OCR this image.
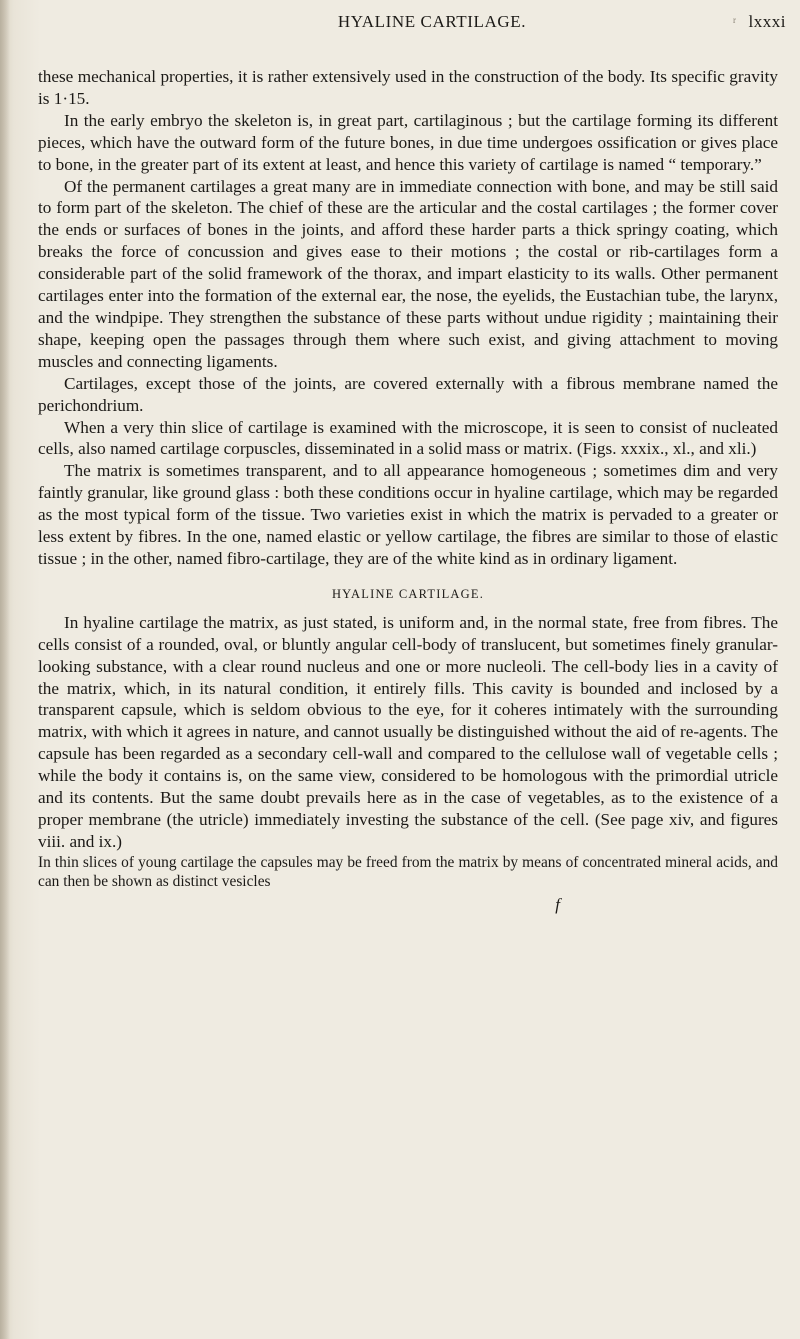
r
HYALINE CARTILAGE.	lxxxi

these mechanical properties, it is rather extensively used in the construction of the body. Its specific gravity is 1·15.

In the early embryo the skeleton is, in great part, cartilaginous ; but the cartilage forming its different pieces, which have the outward form of the future bones, in due time undergoes ossification or gives place to bone, in the greater part of its extent at least, and hence this variety of cartilage is named “ temporary.”

Of the permanent cartilages a great many are in immediate connection with bone, and may be still said to form part of the skeleton. The chief of these are the articular and the costal cartilages ; the former cover the ends or surfaces of bones in the joints, and afford these harder parts a thick springy coating, which breaks the force of concussion and gives ease to their motions ; the costal or rib-cartilages form a considerable part of the solid framework of the thorax, and impart elasticity to its walls. Other permanent cartilages enter into the formation of the external ear, the nose, the eyelids, the Eustachian tube, the larynx, and the windpipe. They strengthen the substance of these parts without undue rigidity ; maintaining their shape, keeping open the passages through them where such exist, and giving attachment to moving muscles and connecting ligaments.

Cartilages, except those of the joints, are covered externally with a fibrous membrane named the perichondrium.

When a very thin slice of cartilage is examined with the microscope, it is seen to consist of nucleated cells, also named cartilage corpuscles, disseminated in a solid mass or matrix. (Figs. xxxix., xl., and xli.)

The matrix is sometimes transparent, and to all appearance homogeneous ; sometimes dim and very faintly granular, like ground glass : both these conditions occur in hyaline cartilage, which may be regarded as the most typical form of the tissue. Two varieties exist in which the matrix is pervaded to a greater or less extent by fibres. In the one, named elastic or yellow cartilage, the fibres are similar to those of elastic tissue ; in the other, named fibro-cartilage, they are of the white kind as in ordinary ligament.

HYALINE CARTILAGE.

In hyaline cartilage the matrix, as just stated, is uniform and, in the normal state, free from fibres. The cells consist of a rounded, oval, or bluntly angular cell-body of translucent, but sometimes finely granular-looking substance, with a clear round nucleus and one or more nucleoli. The cell-body lies in a cavity of the matrix, which, in its natural condition, it entirely fills. This cavity is bounded and inclosed by a transparent capsule, which is seldom obvious to the eye, for it coheres intimately with the surrounding matrix, with which it agrees in nature, and cannot usually be distinguished without the aid of re-agents. The capsule has been regarded as a secondary cell-wall and compared to the cellulose wall of vegetable cells ; while the body it contains is, on the same view, considered to be homologous with the primordial utricle and its contents. But the same doubt prevails here as in the case of vegetables, as to the existence of a proper membrane (the utricle) immediately investing the substance of the cell. (See page xiv, and figures viii. and ix.)

In thin slices of young cartilage the capsules may be freed from the matrix by means of concentrated mineral acids, and can then be shown as distinct vesicles

f
